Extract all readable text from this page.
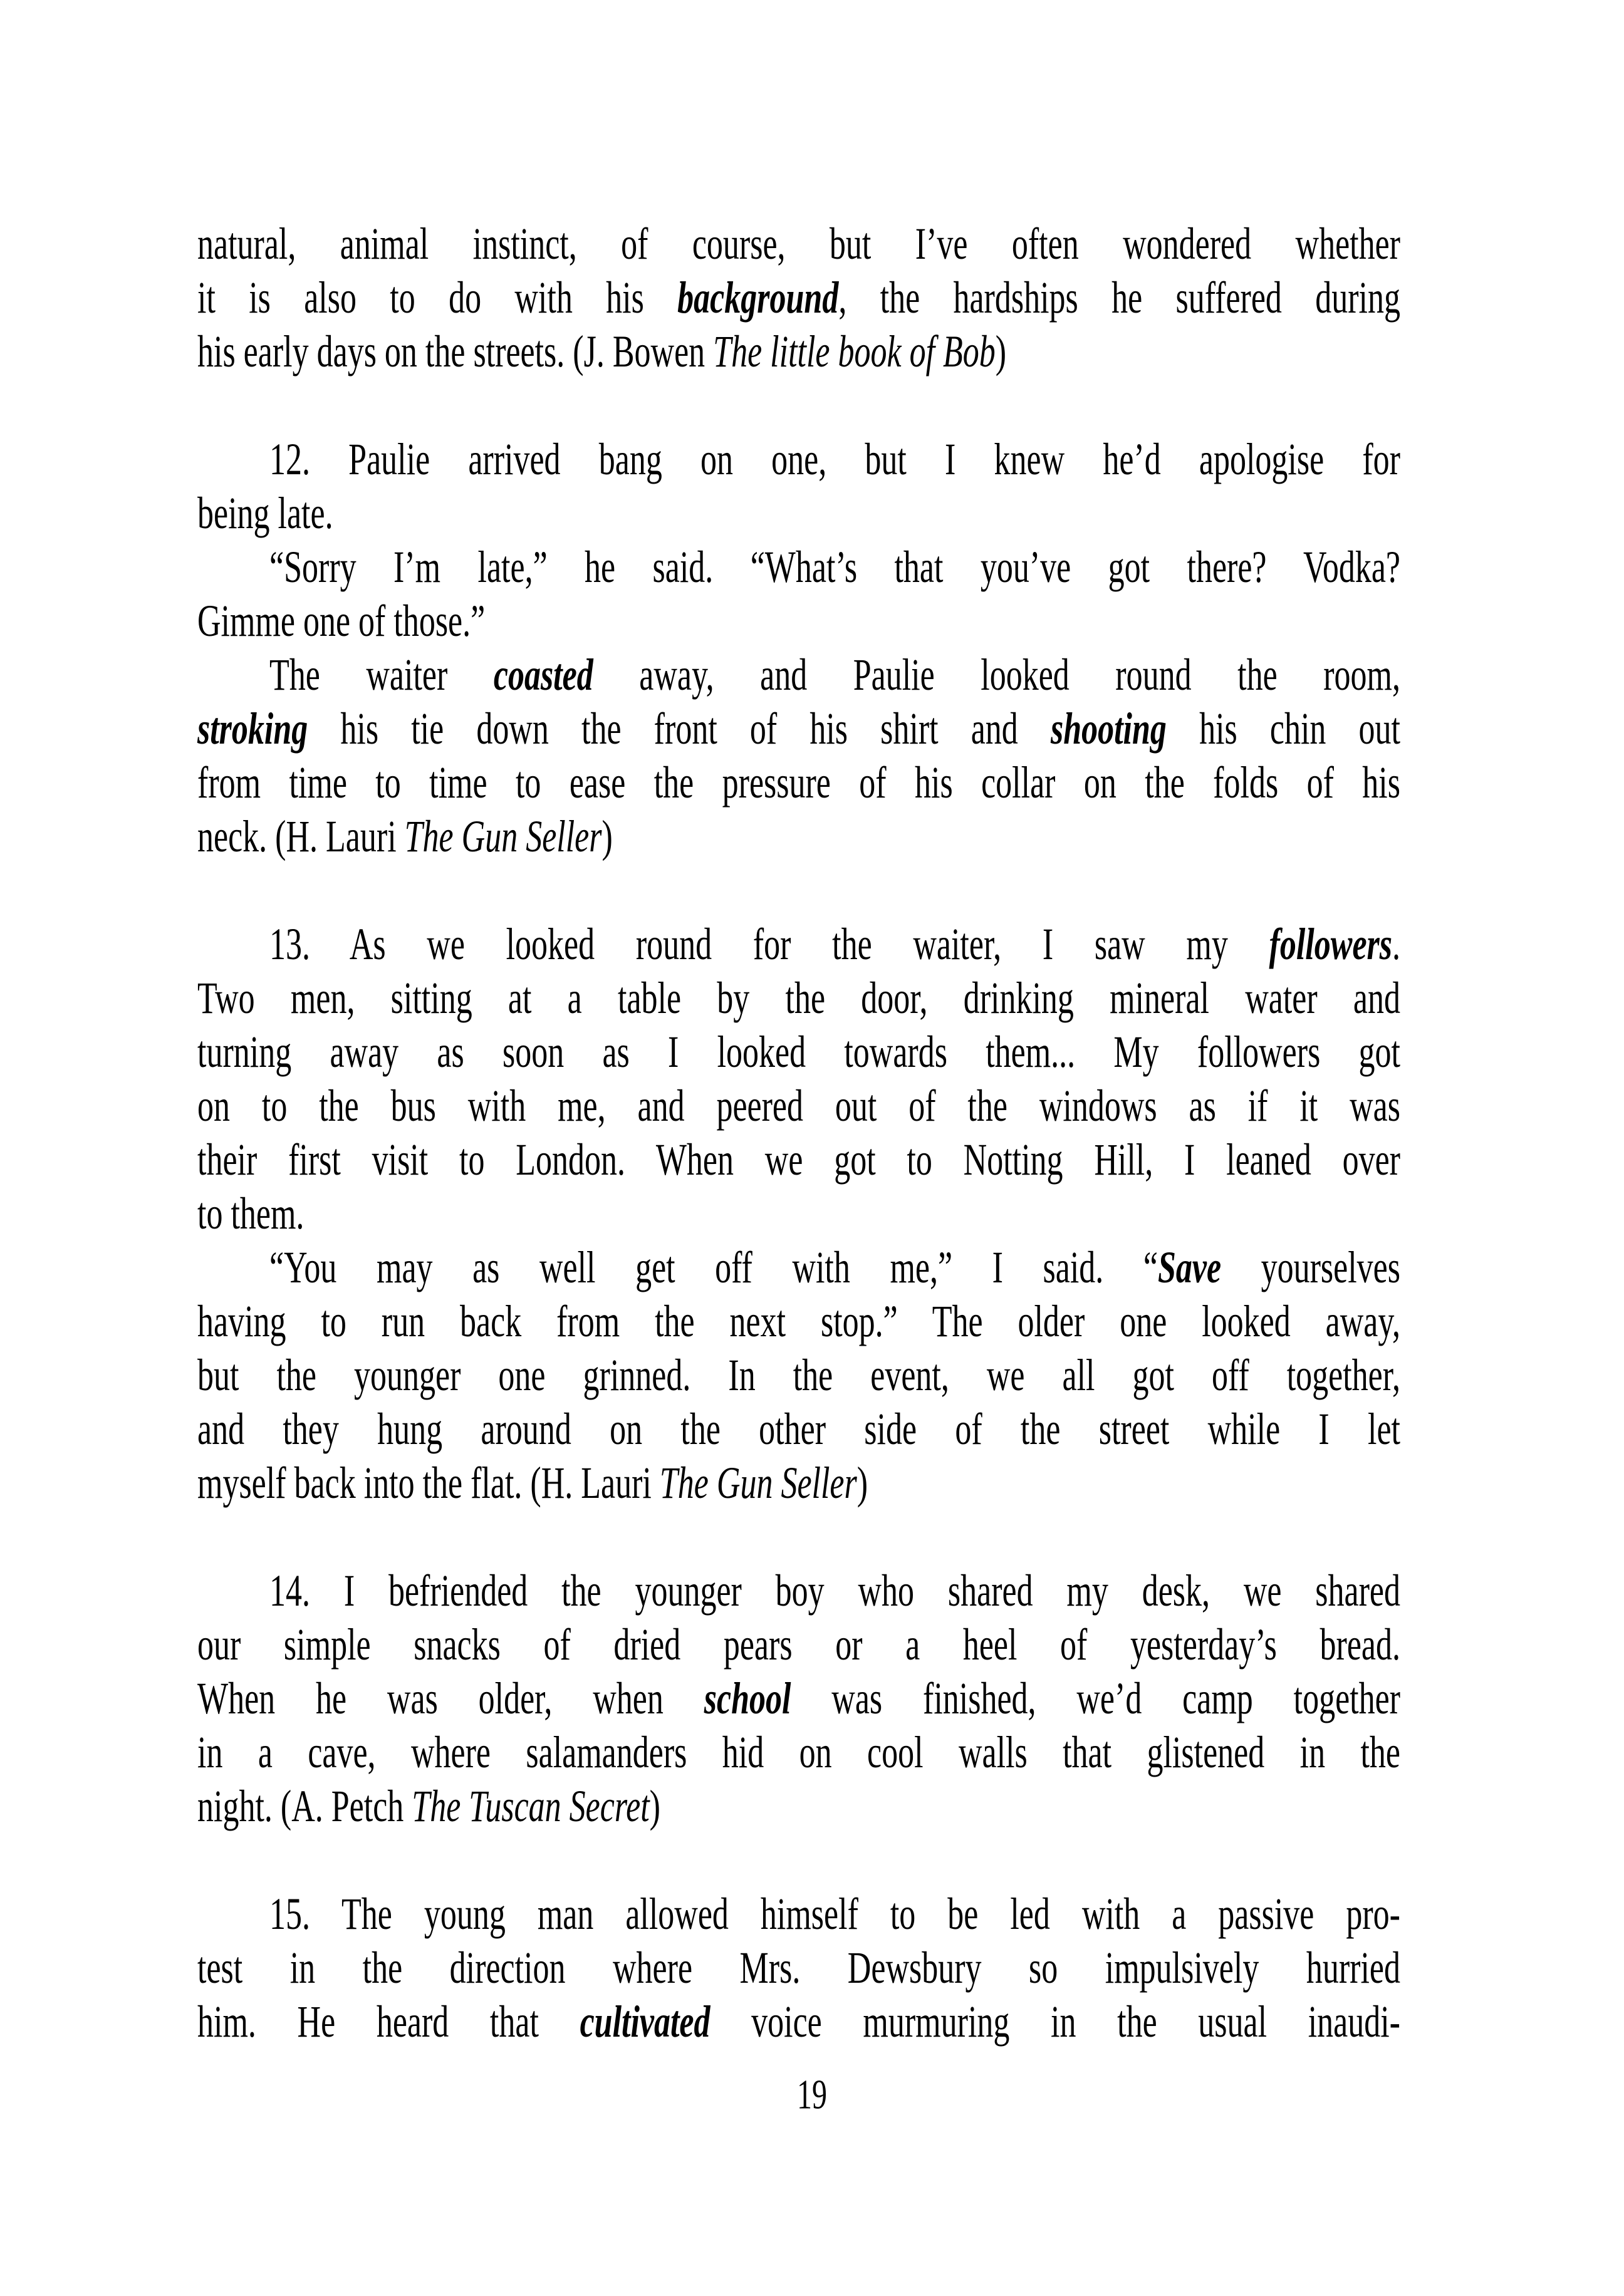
natural, animal instinct, of course, but I’ve often wondered whether
it is also to do with his background, the hardships he suffered during
his early days on the streets. (J. Bowen The little book of Bob)
12. Paulie arrived bang on one, but I knew he’d apologise for
being late.
“Sorry I’m late,” he said. “What’s that you’ve got there? Vodka?
Gimme one of those.”
The waiter coasted away, and Paulie looked round the room,
stroking his tie down the front of his shirt and shooting his chin out
from time to time to ease the pressure of his collar on the folds of his
neck. (H. Lauri The Gun Seller)
13. As we looked round for the waiter, I saw my followers.
Two men, sitting at a table by the door, drinking mineral water and
turning away as soon as I looked towards them... My followers got
on to the bus with me, and peered out of the windows as if it was
their first visit to London. When we got to Notting Hill, I leaned over
to them.
“You may as well get off with me,” I said. “Save yourselves
having to run back from the next stop.” The older one looked away,
but the younger one grinned. In the event, we all got off together,
and they hung around on the other side of the street while I let
myself back into the flat. (H. Lauri The Gun Seller)
14. I befriended the younger boy who shared my desk, we shared
our simple snacks of dried pears or a heel of yesterday’s bread.
When he was older, when school was finished, we’d camp together
in a cave, where salamanders hid on cool walls that glistened in the
night. (A. Petch The Tuscan Secret)
15. The young man allowed himself to be led with a passive pro-
test in the direction where Mrs. Dewsbury so impulsively hurried
him. He heard that cultivated voice murmuring in the usual inaudi-
19
